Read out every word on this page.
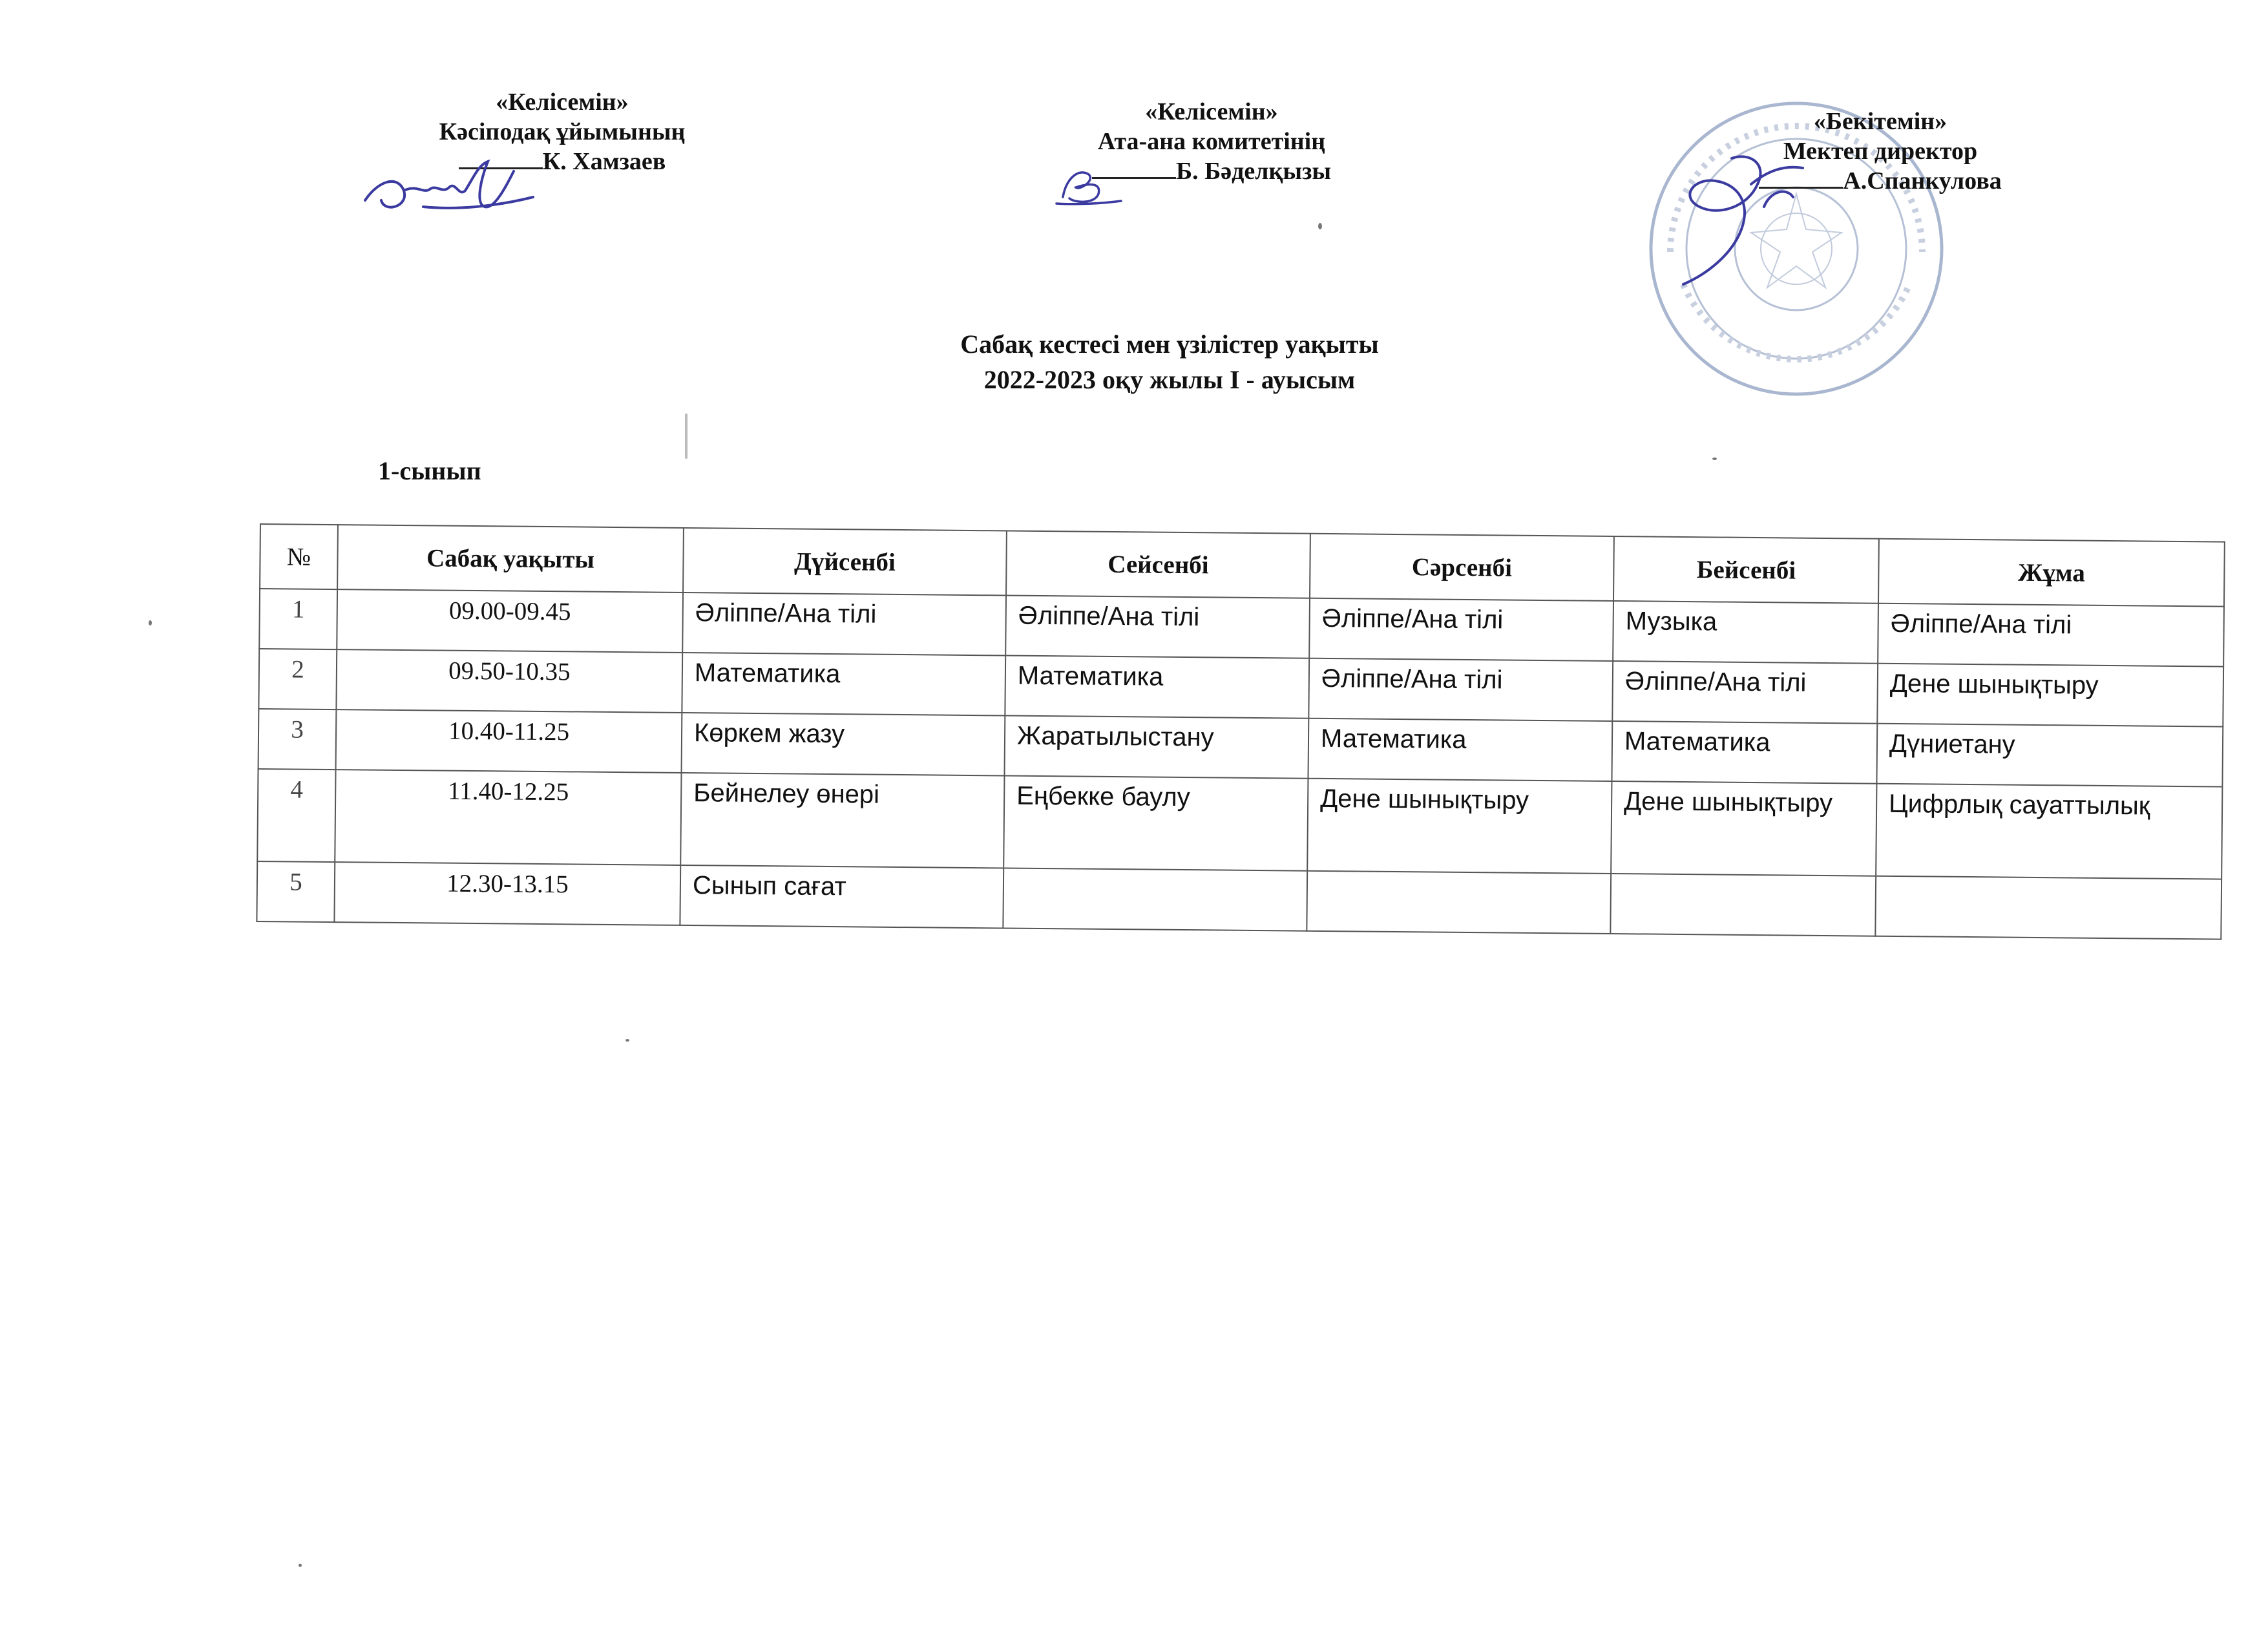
«Келісемін»
Кәсіподақ ұйымының
К. Хамзаев
«Келісемін»
Ата-ана комитетінің
Б. Бәделқызы
«Бекітемін»
Мектеп директор
А.Спанкулова
Сабақ кестесі мен үзілістер уақыты
2022-2023 оқу жылы І - ауысым
1-сынып
№	Сабақ уақыты	Дүйсенбі	Сейсенбі	Сәрсенбі	Бейсенбі	Жұма
1	09.00-09.45	Әліппе/Ана тілі	Әліппе/Ана тілі	Әліппе/Ана тілі	Музыка	Әліппе/Ана тілі
2	09.50-10.35	Математика	Математика	Әліппе/Ана тілі	Әліппе/Ана тілі	Дене шынықтыру
3	10.40-11.25	Көркем жазу	Жаратылыстану	Математика	Математика	Дүниетану
4	11.40-12.25	Бейнелеу өнері	Еңбекке баулу	Дене шынықтыру	Дене шынықтыру	Цифрлық сауаттылық
5	12.30-13.15	Сынып сағат				
